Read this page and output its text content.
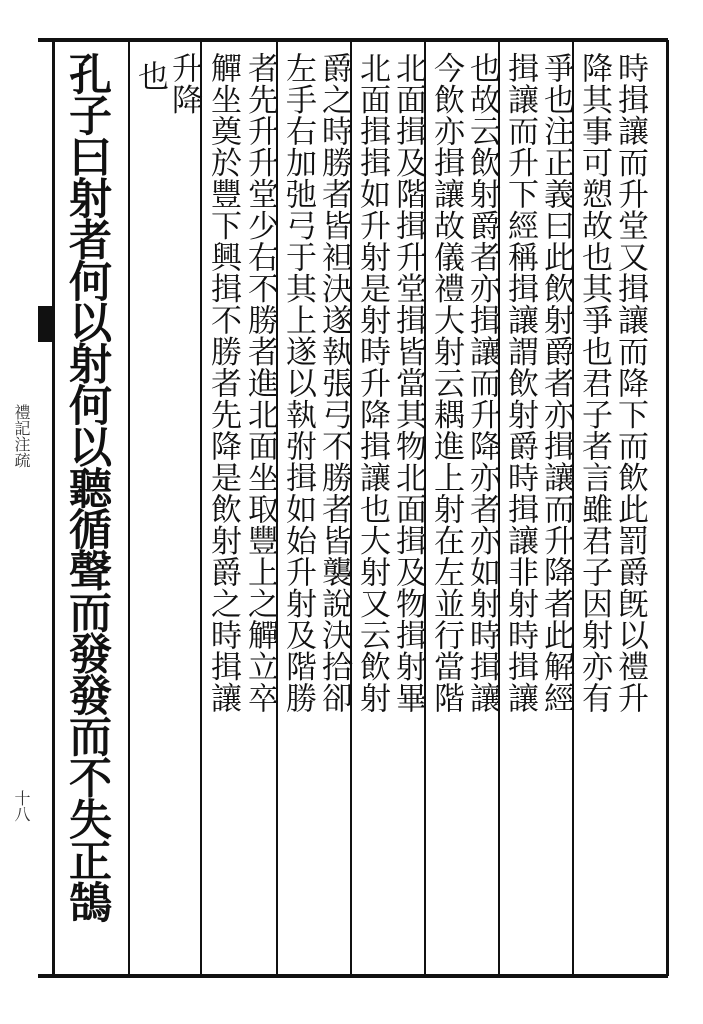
時揖讓而升堂又揖讓而降下而飲此罰爵旣以禮升
降其事可愬故也其爭也君子者言雖君子因射亦有
爭也注正義曰此飲射爵者亦揖讓而升降者此解經
揖讓而升下經稱揖讓謂飲射爵時揖讓非射時揖讓
也故云飲射爵者亦揖讓而升降亦者亦如射時揖讓
今飲亦揖讓故儀禮大射云耦進上射在左並行當階
北面揖及階揖升堂揖皆當其物北面揖及物揖射畢
北面揖揖如升射是射時升降揖讓也大射又云飲射
爵之時勝者皆袒決遂執張弓不勝者皆襲說決拾卻
左手右加弛弓于其上遂以執弣揖如始升射及階勝
者先升升堂少右不勝者進北面坐取豐上之觶立卒
觶坐奠於豐下興揖不勝者先降是飲射爵之時揖讓
升降
也
孔子曰射者何以射何以聽循聲而發發而不失正鵠
禮記注疏
十八
